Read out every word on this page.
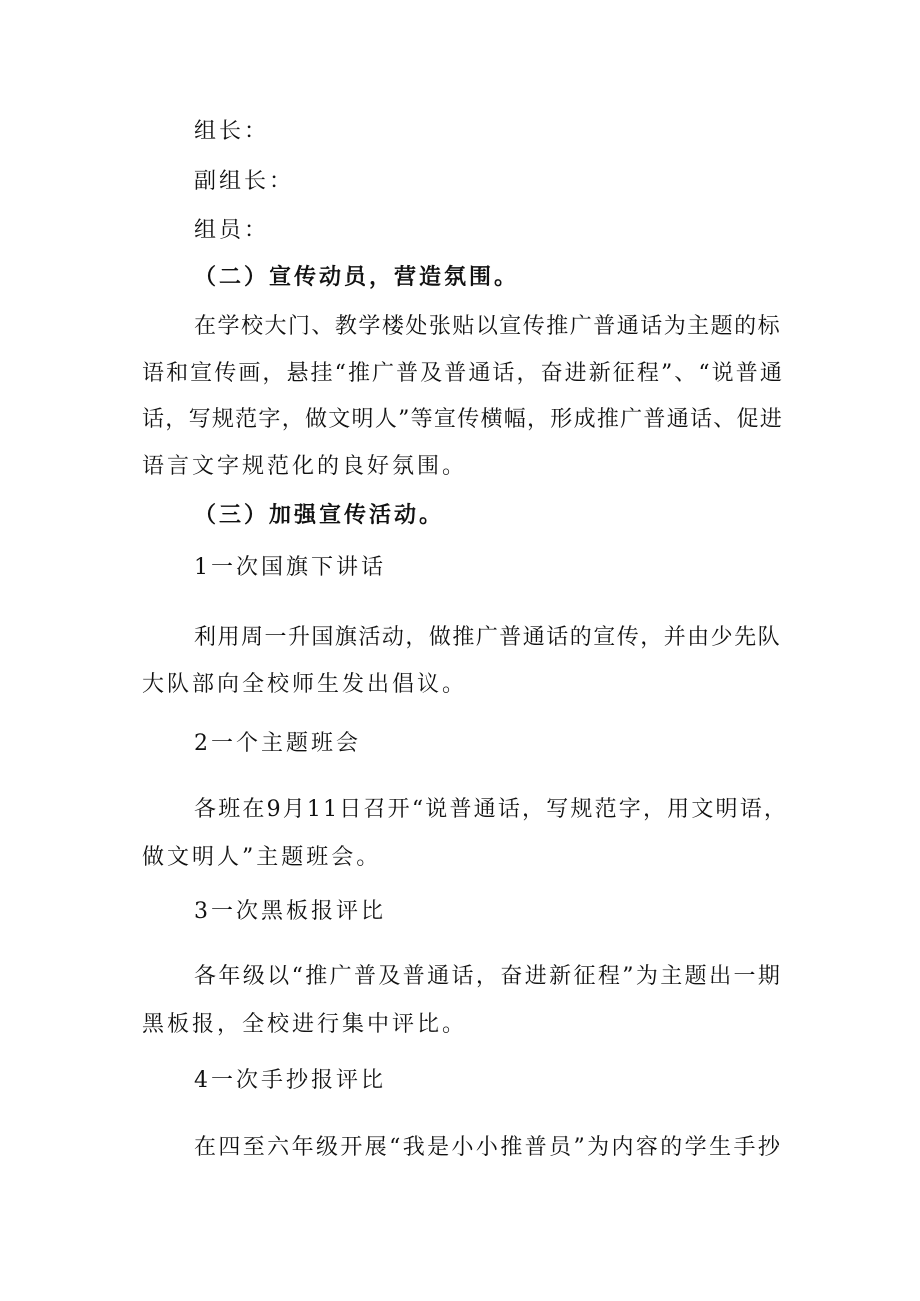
组长：

副组长：

组员：

（二）宣传动员，营造氛围。

在 学 校 大 门 、 教 学 楼 处 张 贴 以 宣 传 推 广 普 通 话 为 主 题 的 标

语 和 宣 传 画 ， 悬 挂 “ 推 广 普 及 普 通 话 ， 奋 进 新 征 程 ” 、 “ 说 普 通

话 ， 写 规 范 字 ， 做 文 明 人 ” 等 宣 传 横 幅 ， 形 成 推 广 普 通 话 、 促 进

语言文字规范化的良好氛围。

（三）加强宣传活动。

1一次国旗下讲话

利 用 周 一 升 国 旗 活 动 ， 做 推 广 普 通 话 的 宣 传 ， 并 由 少 先 队

大队部向全校师生发出倡议。

2一个主题班会

各 班 在 9 月 1 1 日 召 开 “ 说 普 通 话 ， 写 规 范 字 ， 用 文 明 语 ，

做文明人”主题班会。

3一次黑板报评比

各 年 级 以 “ 推 广 普 及 普 通 话 ， 奋 进 新 征 程 ” 为 主 题 出 一 期

黑板报，全校进行集中评比。

4一次手抄报评比

在 四 至 六 年 级 开 展 “ 我 是 小 小 推 普 员 ” 为 内 容 的 学 生 手 抄
